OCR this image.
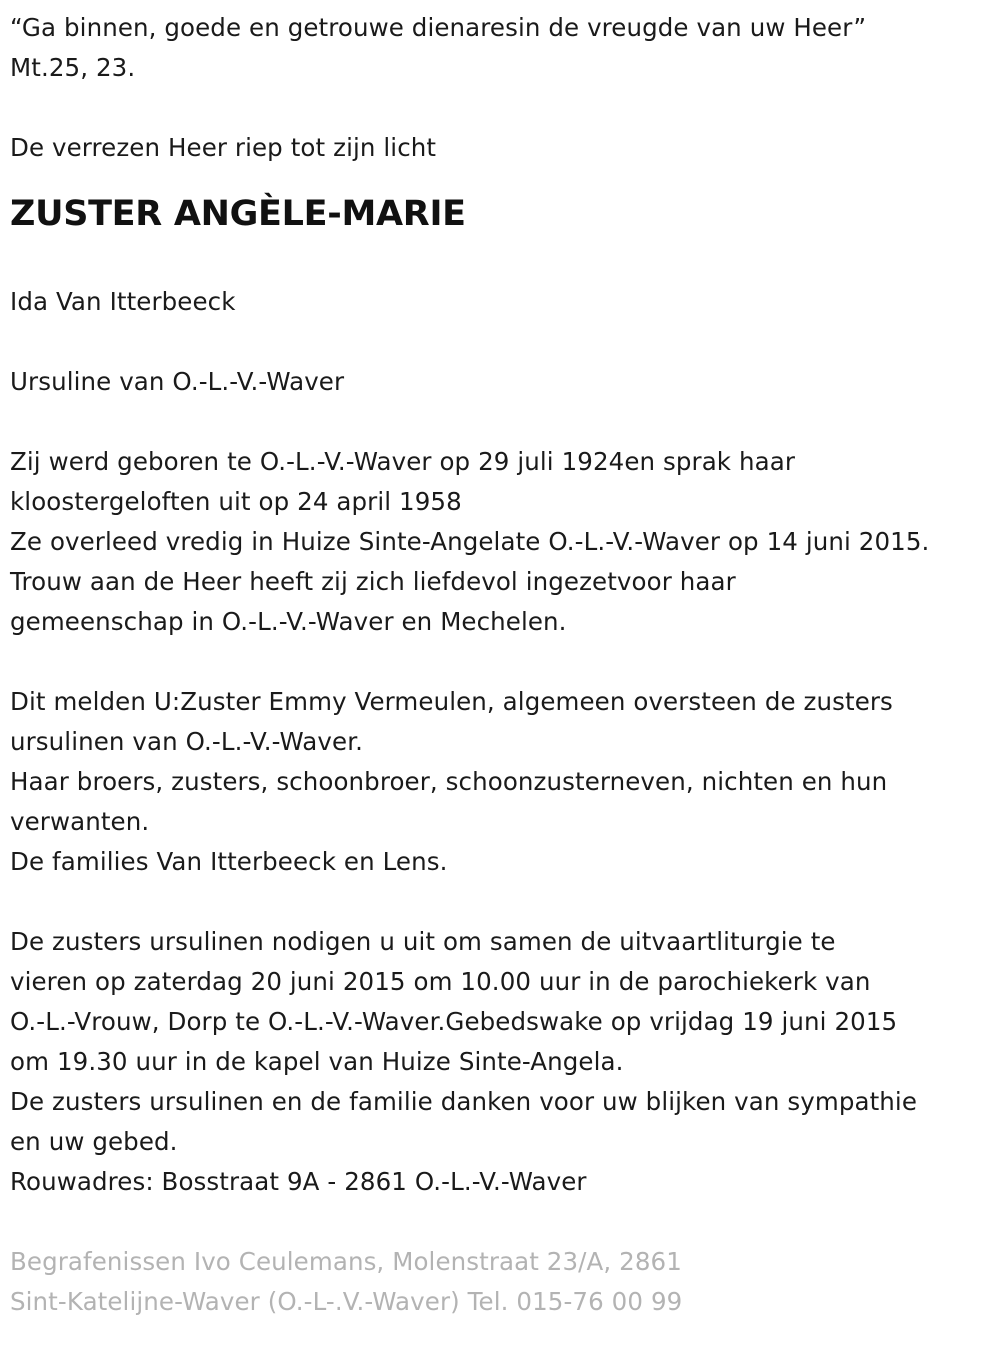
“Ga binnen, goede en getrouwe dienaresin de vreugde van uw Heer”
Mt.25, 23.
De verrezen Heer riep tot zijn licht
ZUSTER ANGÈLE-MARIE
Ida Van Itterbeeck
Ursuline van O.-L.-V.-Waver
Zij werd geboren te O.-L.-V.-Waver op 29 juli 1924en sprak haar
kloostergeloften uit op 24 april 1958
Ze overleed vredig in Huize Sinte-Angelate O.-L.-V.-Waver op 14 juni 2015.
Trouw aan de Heer heeft zij zich liefdevol ingezetvoor haar
gemeenschap in O.-L.-V.-Waver en Mechelen.
Dit melden U:Zuster Emmy Vermeulen, algemeen oversteen de zusters
ursulinen van O.-L.-V.-Waver.
Haar broers, zusters, schoonbroer, schoonzusterneven, nichten en hun
verwanten.
De families Van Itterbeeck en Lens.
De zusters ursulinen nodigen u uit om samen de uitvaartliturgie te
vieren op zaterdag 20 juni 2015 om 10.00 uur in de parochiekerk van
O.-L.-Vrouw, Dorp te O.-L.-V.-Waver.Gebedswake op vrijdag 19 juni 2015
om 19.30 uur in de kapel van Huize Sinte-Angela.
De zusters ursulinen en de familie danken voor uw blijken van sympathie
en uw gebed.
Rouwadres: Bosstraat 9A - 2861 O.-L.-V.-Waver
Begrafenissen Ivo Ceulemans, Molenstraat 23/A, 2861
Sint-Katelijne-Waver (O.-L-.V.-Waver) Tel. 015-76 00 99
